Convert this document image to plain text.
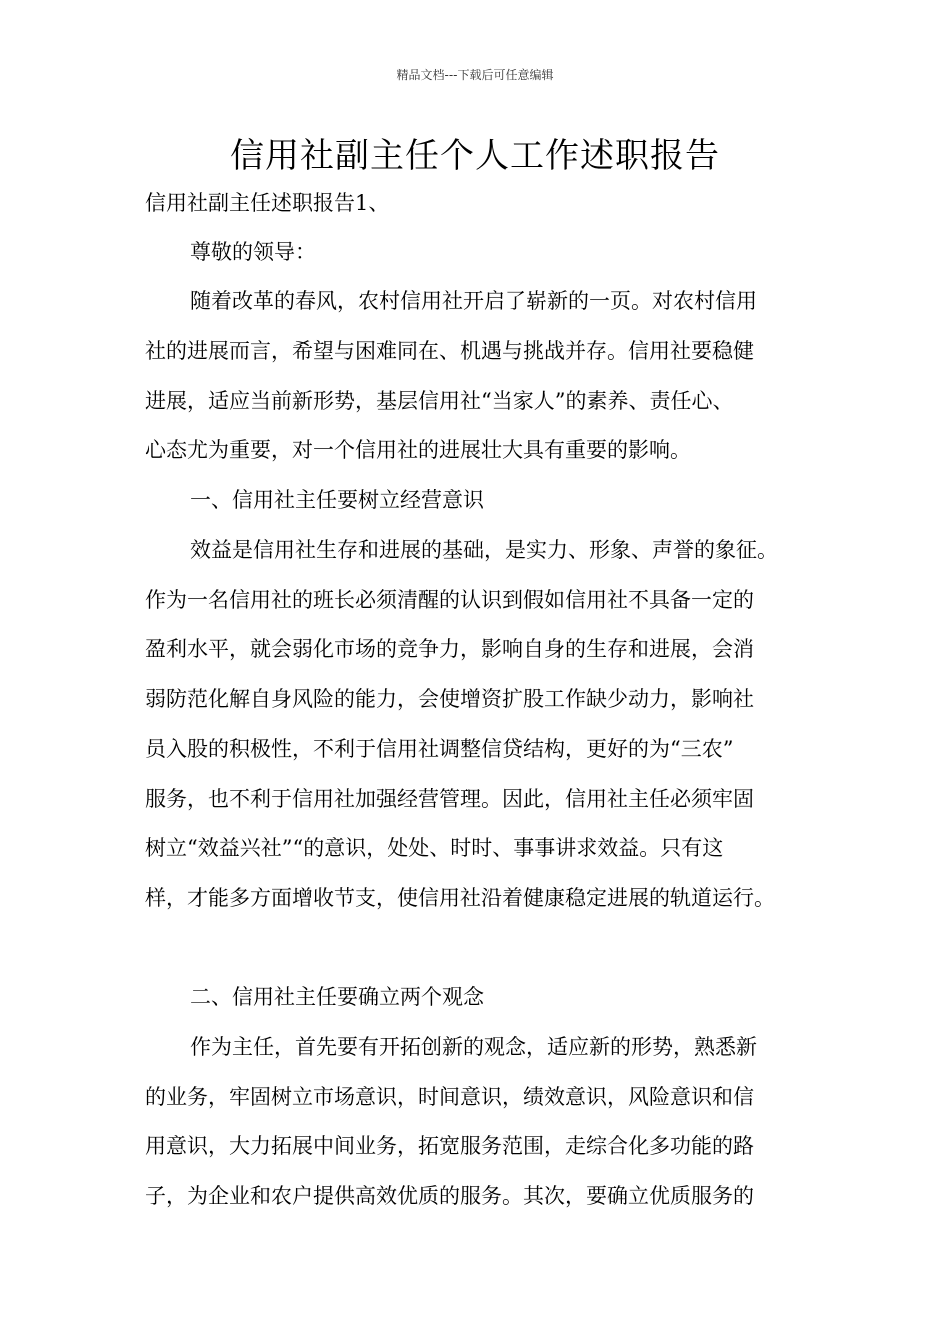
精品文档---下载后可任意编辑
信用社副主任个人工作述职报告

信用社副主任述职报告1、

尊敬的领导：

随着改革的春风，农村信用社开启了崭新的一页。对农村信用

社的进展而言，希望与困难同在、机遇与挑战并存。信用社要稳健

进展，适应当前新形势，基层信用社“当家人”的素养、责任心、

心态尤为重要，对一个信用社的进展壮大具有重要的影响。

一、信用社主任要树立经营意识

效益是信用社生存和进展的基础，是实力、形象、声誉的象征。

作为一名信用社的班长必须清醒的认识到假如信用社不具备一定的

盈利水平，就会弱化市场的竞争力，影响自身的生存和进展，会消

弱防范化解自身风险的能力，会使增资扩股工作缺少动力，影响社

员入股的积极性，不利于信用社调整信贷结构，更好的为“三农”

服务，也不利于信用社加强经营管理。因此，信用社主任必须牢固

树立“效益兴社”“的意识，处处、时时、事事讲求效益。只有这

样，才能多方面增收节支，使信用社沿着健康稳定进展的轨道运行。

二、信用社主任要确立两个观念

作为主任，首先要有开拓创新的观念，适应新的形势，熟悉新

的业务，牢固树立市场意识，时间意识，绩效意识，风险意识和信

用意识，大力拓展中间业务，拓宽服务范围，走综合化多功能的路

子，为企业和农户提供高效优质的服务。其次，要确立优质服务的
